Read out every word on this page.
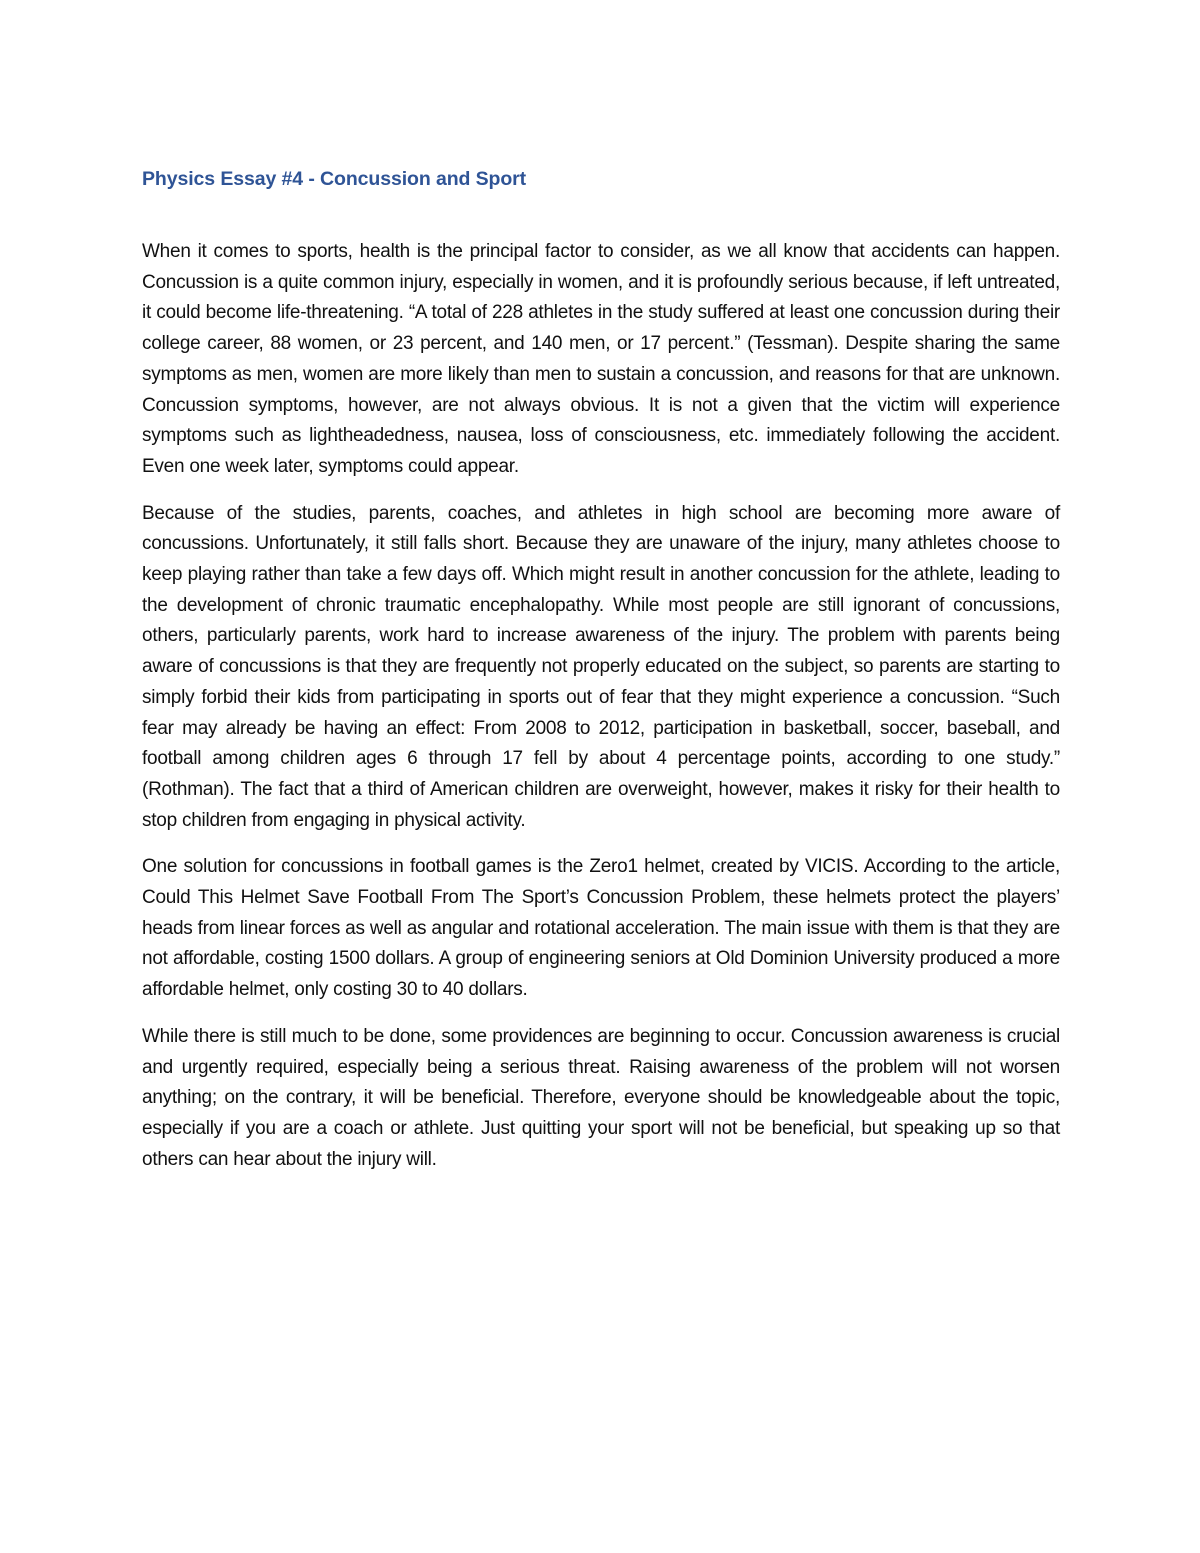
Physics Essay #4 - Concussion and Sport

When it comes to sports, health is the principal factor to consider, as we all know that accidents can happen. Concussion is a quite common injury, especially in women, and it is profoundly serious because, if left untreated, it could become life-threatening. “A total of 228 athletes in the study suffered at least one concussion during their college career, 88 women, or 23 percent, and 140 men, or 17 percent.” (Tessman). Despite sharing the same symptoms as men, women are more likely than men to sustain a concussion, and reasons for that are unknown. Concussion symptoms, however, are not always obvious. It is not a given that the victim will experience symptoms such as lightheadedness, nausea, loss of consciousness, etc. immediately following the accident. Even one week later, symptoms could appear.

Because of the studies, parents, coaches, and athletes in high school are becoming more aware of concussions. Unfortunately, it still falls short. Because they are unaware of the injury, many athletes choose to keep playing rather than take a few days off. Which might result in another concussion for the athlete, leading to the development of chronic traumatic encephalopathy. While most people are still ignorant of concussions, others, particularly parents, work hard to increase awareness of the injury. The problem with parents being aware of concussions is that they are frequently not properly educated on the subject, so parents are starting to simply forbid their kids from participating in sports out of fear that they might experience a concussion. “Such fear may already be having an effect: From 2008 to 2012, participation in basketball, soccer, baseball, and football among children ages 6 through 17 fell by about 4 percentage points, according to one study.” (Rothman). The fact that a third of American children are overweight, however, makes it risky for their health to stop children from engaging in physical activity.

One solution for concussions in football games is the Zero1 helmet, created by VICIS. According to the article, Could This Helmet Save Football From The Sport’s Concussion Problem, these helmets protect the players’ heads from linear forces as well as angular and rotational acceleration. The main issue with them is that they are not affordable, costing 1500 dollars. A group of engineering seniors at Old Dominion University produced a more affordable helmet, only costing 30 to 40 dollars.

While there is still much to be done, some providences are beginning to occur. Concussion awareness is crucial and urgently required, especially being a serious threat. Raising awareness of the problem will not worsen anything; on the contrary, it will be beneficial. Therefore, everyone should be knowledgeable about the topic, especially if you are a coach or athlete. Just quitting your sport will not be beneficial, but speaking up so that others can hear about the injury will.
